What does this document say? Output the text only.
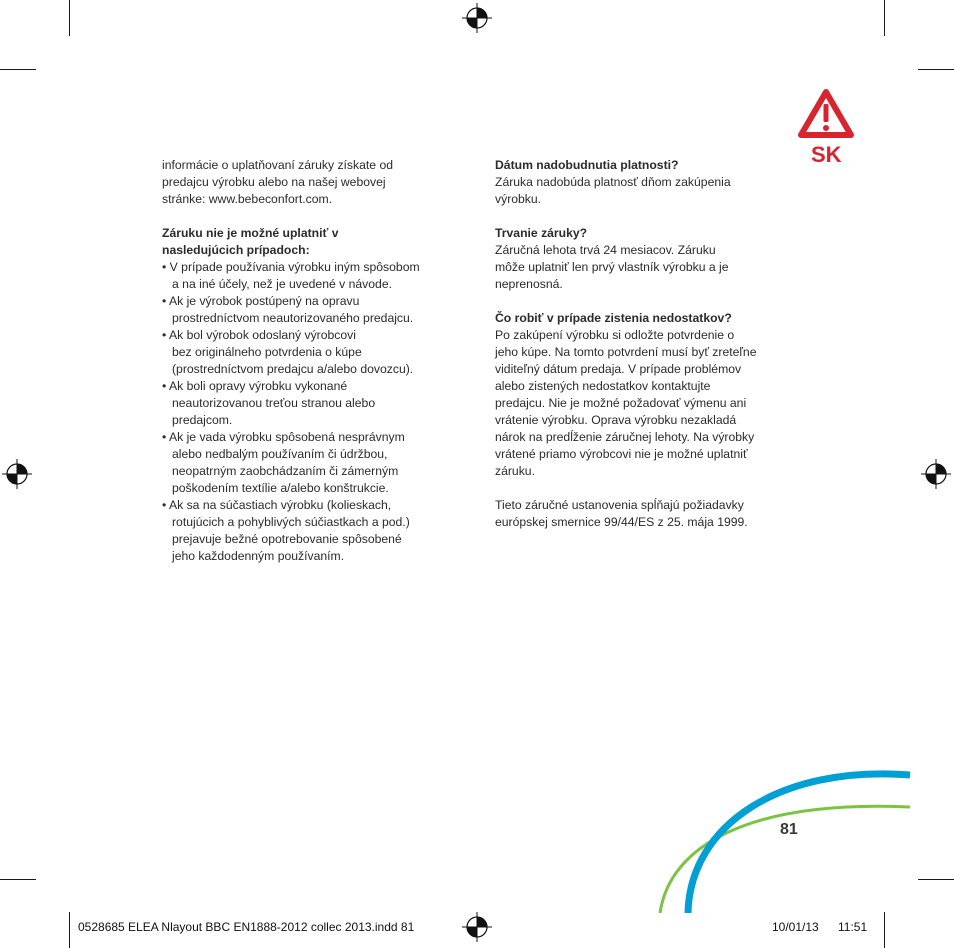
SK

informácie o uplatňovaní záruky získate od

predajcu výrobku alebo na našej webovej

stránke: www.bebeconfort.com.

Záruku nie je možné uplatniť v

nasledujúcich prípadoch:

• V prípade používania výrobku iným spôsobom

a na iné účely, než je uvedené v návode.

• Ak je výrobok postúpený na opravu

prostredníctvom neautorizovaného predajcu.

• Ak bol výrobok odoslaný výrobcovi

bez originálneho potvrdenia o kúpe

(prostredníctvom predajcu a/alebo dovozcu).

• Ak boli opravy výrobku vykonané

neautorizovanou treťou stranou alebo

predajcom.

• Ak je vada výrobku spôsobená nesprávnym

alebo nedbalým používaním či údržbou,

neopatrným zaobchádzaním či zámerným

poškodením textílie a/alebo konštrukcie.

• Ak sa na súčastiach výrobku (kolieskach,

rotujúcich a pohyblivých súčiastkach a pod.)

prejavuje bežné opotrebovanie spôsobené

jeho každodenným používaním.

Dátum nadobudnutia platnosti?

Záruka nadobúda platnosť dňom zakúpenia

výrobku.

Trvanie záruky?

Záručná lehota trvá 24 mesiacov. Záruku

môže uplatniť len prvý vlastník výrobku a je

neprenosná.

Čo robiť v prípade zistenia nedostatkov?

Po zakúpení výrobku si odložte potvrdenie o

jeho kúpe. Na tomto potvrdení musí byť zreteľne

viditeľný dátum predaja. V prípade problémov

alebo zistených nedostatkov kontaktujte

predajcu. Nie je možné požadovať výmenu ani

vrátenie výrobku. Oprava výrobku nezakladá

nárok na predĺženie záručnej lehoty. Na výrobky

vrátené priamo výrobcovi nie je možné uplatniť

záruku.

Tieto záručné ustanovenia spĺňajú požiadavky

európskej smernice 99/44/ES z 25. mája 1999.

81
0528685 ELEA Nlayout BBC EN1888-2012 collec 2013.indd 81	10/01/13 11:51
